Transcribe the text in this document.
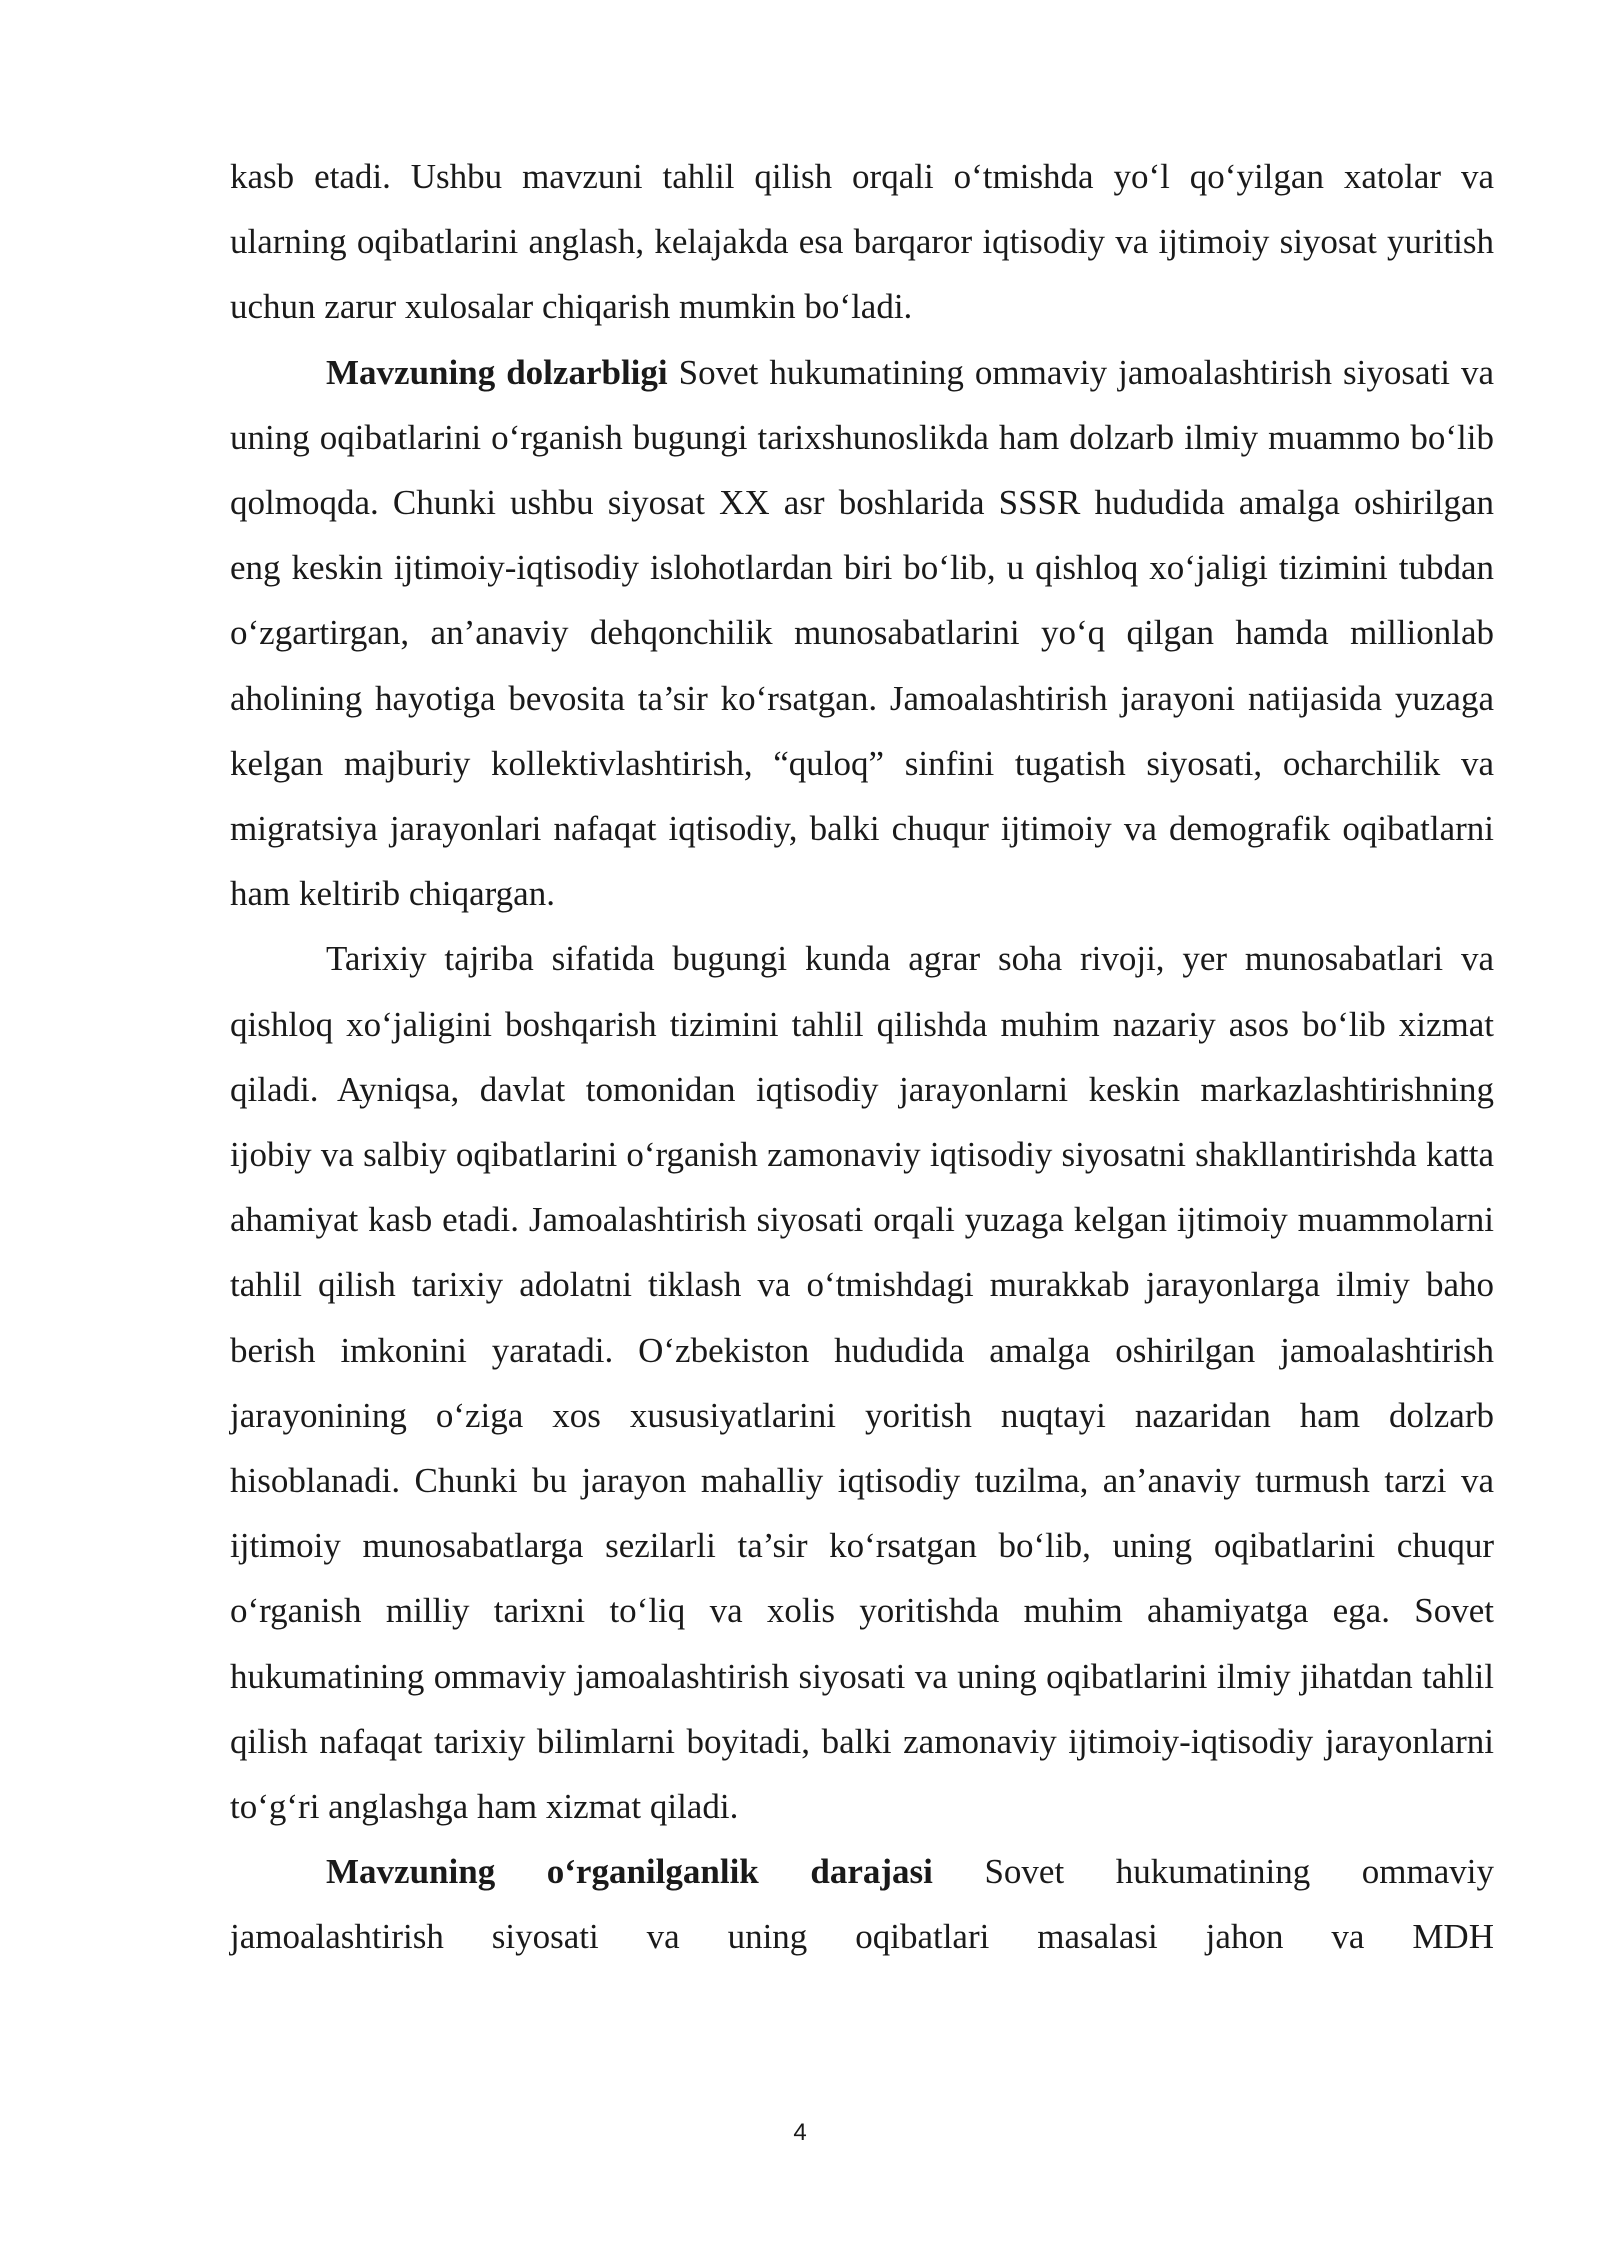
kasb etadi. Ushbu mavzuni tahlil qilish orqali o‘tmishda yo‘l qo‘yilgan xatolar va ularning oqibatlarini anglash, kelajakda esa barqaror iqtisodiy va ijtimoiy siyosat yuritish uchun zarur xulosalar chiqarish mumkin bo‘ladi.

Mavzuning dolzarbligi Sovet hukumatining ommaviy jamoalashtirish siyosati va uning oqibatlarini o‘rganish bugungi tarixshunoslikda ham dolzarb ilmiy muammo bo‘lib qolmoqda. Chunki ushbu siyosat XX asr boshlarida SSSR hududida amalga oshirilgan eng keskin ijtimoiy-iqtisodiy islohotlardan biri bo‘lib, u qishloq xo‘jaligi tizimini tubdan o‘zgartirgan, an’anaviy dehqonchilik munosabatlarini yo‘q qilgan hamda millionlab aholining hayotiga bevosita ta’sir ko‘rsatgan. Jamoalashtirish jarayoni natijasida yuzaga kelgan majburiy kollektivlashtirish, “quloq” sinfini tugatish siyosati, ocharchilik va migratsiya jarayonlari nafaqat iqtisodiy, balki chuqur ijtimoiy va demografik oqibatlarni ham keltirib chiqargan.

Tarixiy tajriba sifatida bugungi kunda agrar soha rivoji, yer munosabatlari va qishloq xo‘jaligini boshqarish tizimini tahlil qilishda muhim nazariy asos bo‘lib xizmat qiladi. Ayniqsa, davlat tomonidan iqtisodiy jarayonlarni keskin markazlashtirishning ijobiy va salbiy oqibatlarini o‘rganish zamonaviy iqtisodiy siyosatni shakllantirishda katta ahamiyat kasb etadi. Jamoalashtirish siyosati orqali yuzaga kelgan ijtimoiy muammolarni tahlil qilish tarixiy adolatni tiklash va o‘tmishdagi murakkab jarayonlarga ilmiy baho berish imkonini yaratadi. O‘zbekiston hududida amalga oshirilgan jamoalashtirish jarayonining o‘ziga xos xususiyatlarini yoritish nuqtayi nazaridan ham dolzarb hisoblanadi. Chunki bu jarayon mahalliy iqtisodiy tuzilma, an’anaviy turmush tarzi va ijtimoiy munosabatlarga sezilarli ta’sir ko‘rsatgan bo‘lib, uning oqibatlarini chuqur o‘rganish milliy tarixni to‘liq va xolis yoritishda muhim ahamiyatga ega. Sovet hukumatining ommaviy jamoalashtirish siyosati va uning oqibatlarini ilmiy jihatdan tahlil qilish nafaqat tarixiy bilimlarni boyitadi, balki zamonaviy ijtimoiy-iqtisodiy jarayonlarni to‘g‘ri anglashga ham xizmat qiladi.

Mavzuning o‘rganilganlik darajasi Sovet hukumatining ommaviy jamoalashtirish siyosati va uning oqibatlari masalasi jahon va MDH

4
